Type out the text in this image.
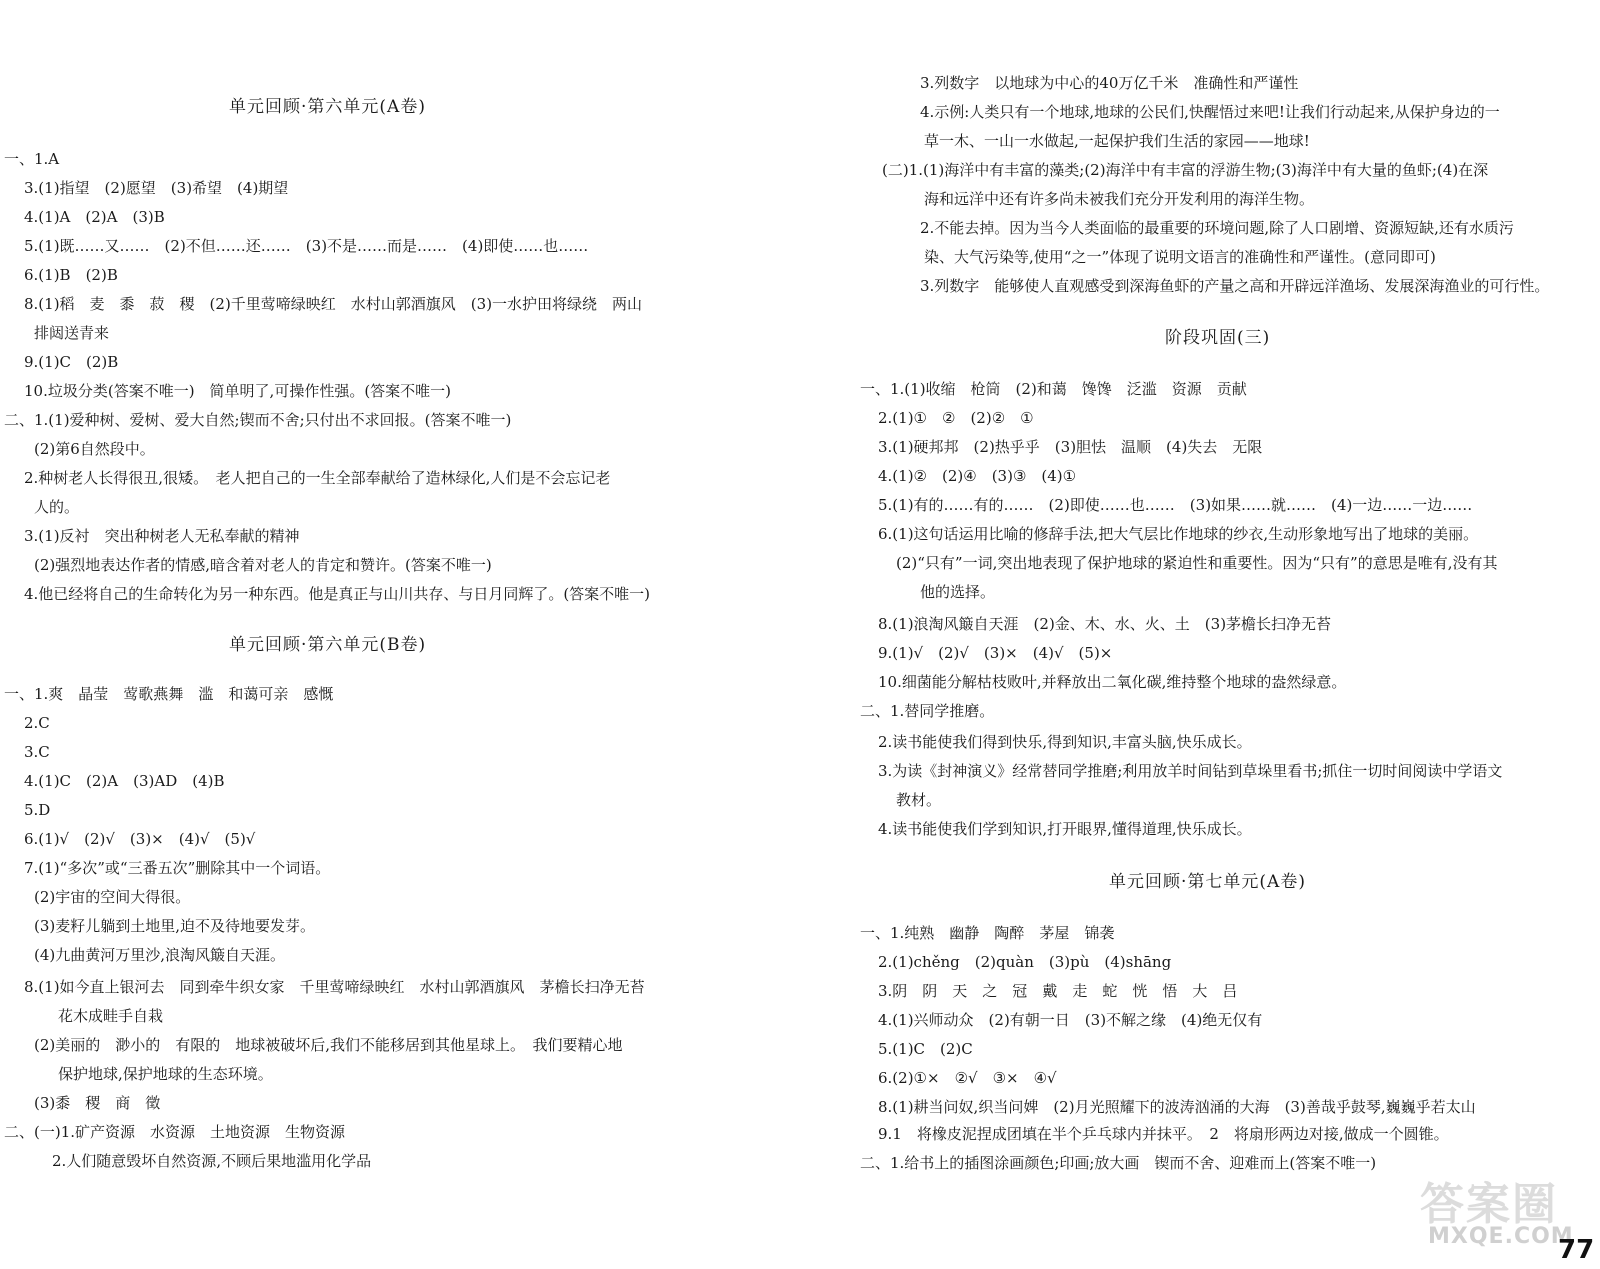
单元回顾·第六单元(A卷)
一、1.A
3.(1)指望　(2)愿望　(3)希望　(4)期望
4.(1)A　(2)A　(3)B
5.(1)既……又……　(2)不但……还……　(3)不是……而是……　(4)即使……也……
6.(1)B　(2)B
8.(1)稻　麦　黍　菽　稷　(2)千里莺啼绿映红　水村山郭酒旗风　(3)一水护田将绿绕　两山
排闼送青来
9.(1)C　(2)B
10.垃圾分类(答案不唯一)　简单明了,可操作性强。(答案不唯一)
二、1.(1)爱种树、爱树、爱大自然;锲而不舍;只付出不求回报。(答案不唯一)
(2)第6自然段中。
2.种树老人长得很丑,很矮。　老人把自己的一生全部奉献给了造林绿化,人们是不会忘记老
人的。
3.(1)反衬　突出种树老人无私奉献的精神
(2)强烈地表达作者的情感,暗含着对老人的肯定和赞许。(答案不唯一)
4.他已经将自己的生命转化为另一种东西。他是真正与山川共存、与日月同辉了。(答案不唯一)
单元回顾·第六单元(B卷)
一、1.爽　晶莹　莺歌燕舞　滥　和蔼可亲　感慨
2.C
3.C
4.(1)C　(2)A　(3)AD　(4)B
5.D
6.(1)√　(2)√　(3)×　(4)√　(5)√
7.(1)“多次”或“三番五次”删除其中一个词语。
(2)宇宙的空间大得很。
(3)麦籽儿躺到土地里,迫不及待地要发芽。
(4)九曲黄河万里沙,浪淘风簸自天涯。
8.(1)如今直上银河去　同到牵牛织女家　千里莺啼绿映红　水村山郭酒旗风　茅檐长扫净无苔
花木成畦手自栽
(2)美丽的　渺小的　有限的　地球被破坏后,我们不能移居到其他星球上。　我们要精心地
保护地球,保护地球的生态环境。
(3)黍　稷　商　徵
二、(一)1.矿产资源　水资源　土地资源　生物资源
2.人们随意毁坏自然资源,不顾后果地滥用化学品
3.列数字　以地球为中心的40万亿千米　准确性和严谨性
4.示例:人类只有一个地球,地球的公民们,快醒悟过来吧!让我们行动起来,从保护身边的一
草一木、一山一水做起,一起保护我们生活的家园——地球!
(二)1.(1)海洋中有丰富的藻类;(2)海洋中有丰富的浮游生物;(3)海洋中有大量的鱼虾;(4)在深
海和远洋中还有许多尚未被我们充分开发利用的海洋生物。
2.不能去掉。因为当今人类面临的最重要的环境问题,除了人口剧增、资源短缺,还有水质污
染、大气污染等,使用“之一”体现了说明文语言的准确性和严谨性。(意同即可)
3.列数字　能够使人直观感受到深海鱼虾的产量之高和开辟远洋渔场、发展深海渔业的可行性。
阶段巩固(三)
一、1.(1)收缩　枪筒　(2)和蔼　馋馋　泛滥　资源　贡献
2.(1)①　②　(2)②　①
3.(1)硬邦邦　(2)热乎乎　(3)胆怯　温顺　(4)失去　无限
4.(1)②　(2)④　(3)③　(4)①
5.(1)有的……有的……　(2)即使……也……　(3)如果……就……　(4)一边……一边……
6.(1)这句话运用比喻的修辞手法,把大气层比作地球的纱衣,生动形象地写出了地球的美丽。
(2)“只有”一词,突出地表现了保护地球的紧迫性和重要性。因为“只有”的意思是唯有,没有其
他的选择。
8.(1)浪淘风簸自天涯　(2)金、木、水、火、土　(3)茅檐长扫净无苔
9.(1)√　(2)√　(3)×　(4)√　(5)×
10.细菌能分解枯枝败叶,并释放出二氧化碳,维持整个地球的盎然绿意。
二、1.替同学推磨。
2.读书能使我们得到快乐,得到知识,丰富头脑,快乐成长。
3.为读《封神演义》经常替同学推磨;利用放羊时间钻到草垛里看书;抓住一切时间阅读中学语文
教材。
4.读书能使我们学到知识,打开眼界,懂得道理,快乐成长。
单元回顾·第七单元(A卷)
一、1.纯熟　幽静　陶醉　茅屋　锦袭
2.(1)chěng　(2)quàn　(3)pù　(4)shāng
3.阴　阴　天　之　冠　戴　走　蛇　恍　悟　大　吕
4.(1)兴师动众　(2)有朝一日　(3)不解之缘　(4)绝无仅有
5.(1)C　(2)C
6.(2)①×　②√　③×　④√
8.(1)耕当问奴,织当问婢　(2)月光照耀下的波涛汹涌的大海　(3)善哉乎鼓琴,巍巍乎若太山
9.1　将橡皮泥捏成团填在半个乒乓球内并抹平。　2　将扇形两边对接,做成一个圆锥。
二、1.给书上的插图涂画颜色;印画;放大画　锲而不舍、迎难而上(答案不唯一)
答案圈
MXQE.COM
77
